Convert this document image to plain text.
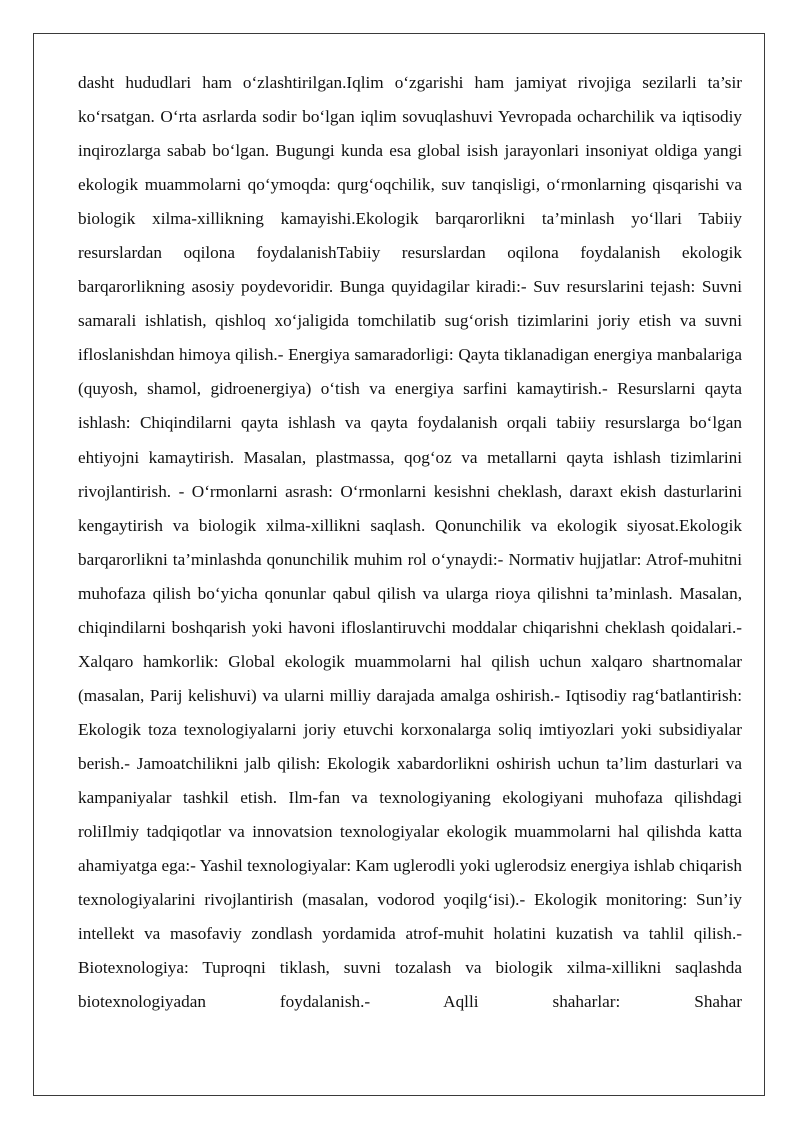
dasht hududlari ham o‘zlashtirilgan.Iqlim o‘zgarishi ham jamiyat rivojiga sezilarli ta’sir ko‘rsatgan. O‘rta asrlarda sodir bo‘lgan iqlim sovuqlashuvi Yevropada ocharchilik va iqtisodiy inqirozlarga sabab bo‘lgan. Bugungi kunda esa global isish jarayonlari insoniyat oldiga yangi ekologik muammolarni qo‘ymoqda: qurg‘oqchilik, suv tanqisligi, o‘rmonlarning qisqarishi va biologik xilma-xillikning kamayishi.Ekologik barqarorlikni ta’minlash yo‘llari Tabiiy resurslardan oqilona foydalanishTabiiy resurslardan oqilona foydalanish ekologik barqarorlikning asosiy poydevoridir. Bunga quyidagilar kiradi:- Suv resurslarini tejash: Suvni samarali ishlatish, qishloq xo‘jaligida tomchilatib sug‘orish tizimlarini joriy etish va suvni ifloslanishdan himoya qilish.- Energiya samaradorligi: Qayta tiklanadigan energiya manbalariga (quyosh, shamol, gidroenergiya) o‘tish va energiya sarfini kamaytirish.- Resurslarni qayta ishlash: Chiqindilarni qayta ishlash va qayta foydalanish orqali tabiiy resurslarga bo‘lgan ehtiyojni kamaytirish. Masalan, plastmassa, qog‘oz va metallarni qayta ishlash tizimlarini rivojlantirish. - O‘rmonlarni asrash: O‘rmonlarni kesishni cheklash, daraxt ekish dasturlarini kengaytirish va biologik xilma-xillikni saqlash. Qonunchilik va ekologik siyosat.Ekologik barqarorlikni ta’minlashda qonunchilik muhim rol o‘ynaydi:- Normativ hujjatlar: Atrof-muhitni muhofaza qilish bo‘yicha qonunlar qabul qilish va ularga rioya qilishni ta’minlash. Masalan, chiqindilarni boshqarish yoki havoni ifloslantiruvchi moddalar chiqarishni cheklash qoidalari.- Xalqaro hamkorlik: Global ekologik muammolarni hal qilish uchun xalqaro shartnomalar (masalan, Parij kelishuvi) va ularni milliy darajada amalga oshirish.- Iqtisodiy rag‘batlantirish: Ekologik toza texnologiyalarni joriy etuvchi korxonalarga soliq imtiyozlari yoki subsidiyalar berish.- Jamoatchilikni jalb qilish: Ekologik xabardorlikni oshirish uchun ta’lim dasturlari va kampaniyalar tashkil etish. Ilm-fan va texnologiyaning ekologiyani muhofaza qilishdagi roliIlmiy tadqiqotlar va innovatsion texnologiyalar ekologik muammolarni hal qilishda katta ahamiyatga ega:- Yashil texnologiyalar: Kam uglerodli yoki uglerodsiz energiya ishlab chiqarish texnologiyalarini rivojlantirish (masalan, vodorod yoqilg‘isi).- Ekologik monitoring: Sun’iy intellekt va masofaviy zondlash yordamida atrof-muhit holatini kuzatish va tahlil qilish.- Biotexnologiya: Tuproqni tiklash, suvni tozalash va biologik xilma-xillikni saqlashda biotexnologiyadan foydalanish.- Aqlli shaharlar: Shahar
